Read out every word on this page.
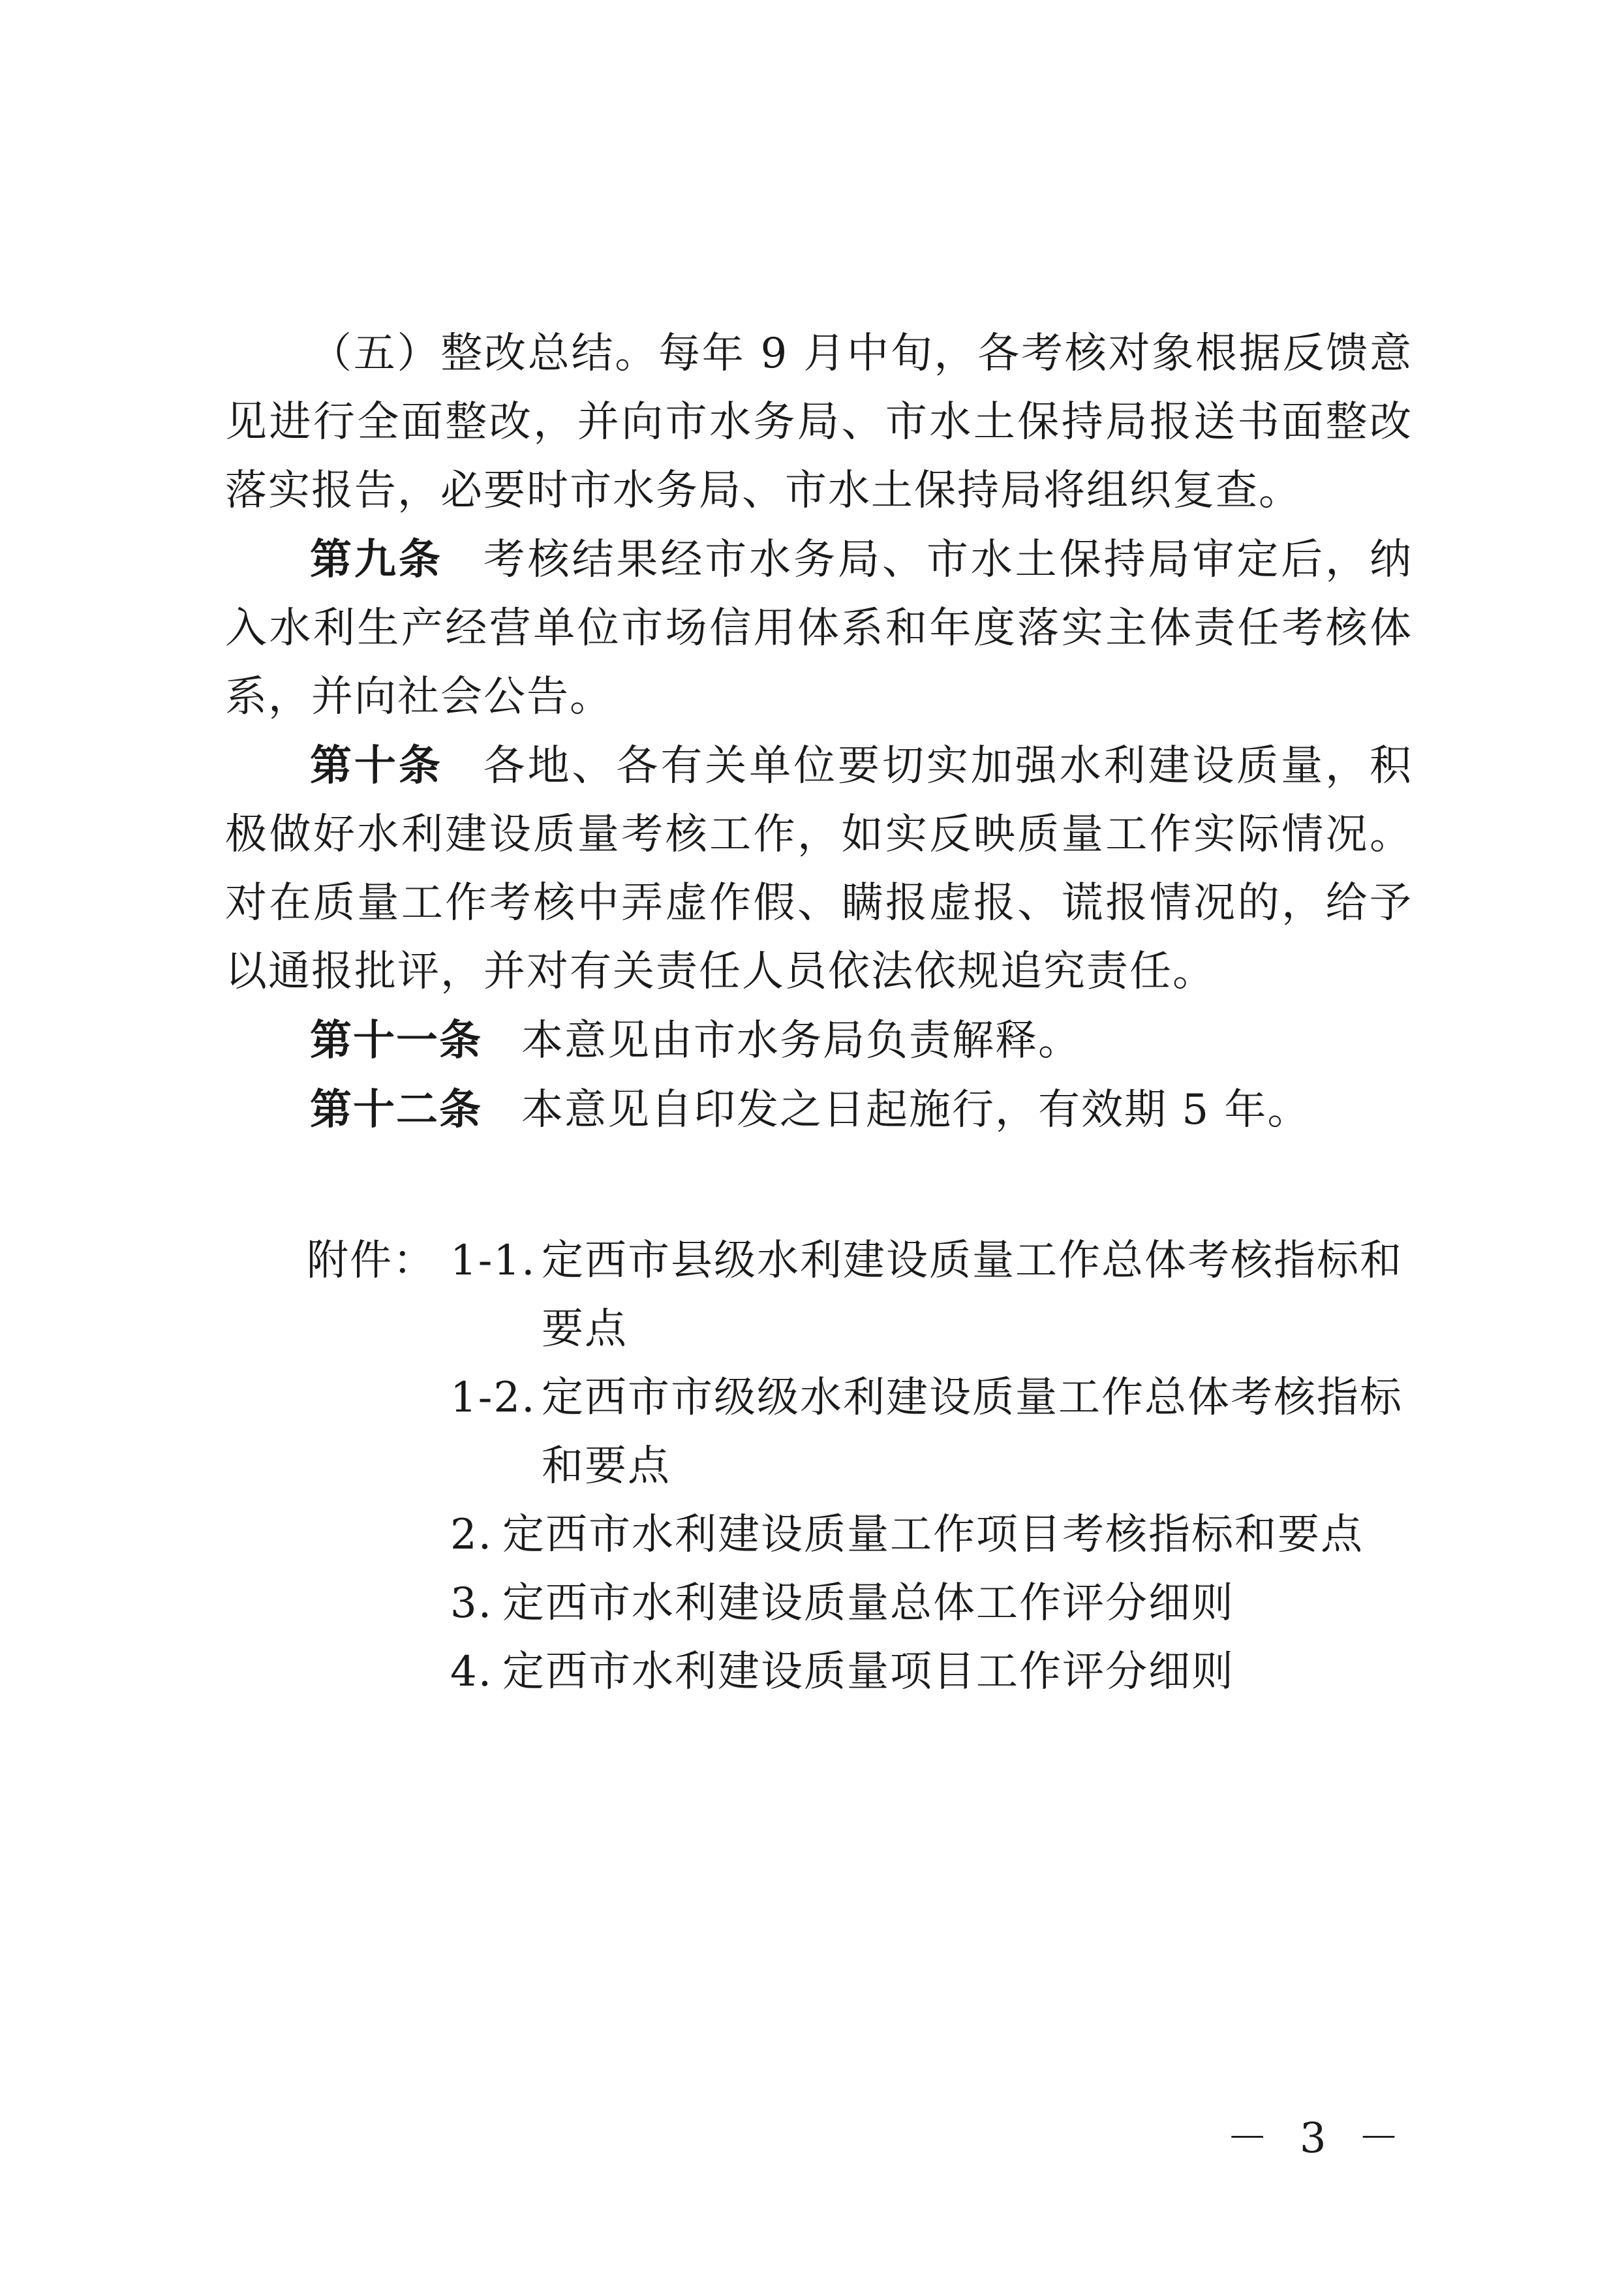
（五）整改总结。每年 9 月中旬，各考核对象根据反馈意见进行全面整改，并向市水务局、市水土保持局报送书面整改落实报告，必要时市水务局、市水土保持局将组织复查。

第九条 考核结果经市水务局、市水土保持局审定后，纳入水利生产经营单位市场信用体系和年度落实主体责任考核体系，并向社会公告。

第十条 各地、各有关单位要切实加强水利建设质量，积极做好水利建设质量考核工作，如实反映质量工作实际情况。对在质量工作考核中弄虚作假、瞒报虚报、谎报情况的，给予以通报批评，并对有关责任人员依法依规追究责任。

第十一条 本意见由市水务局负责解释。

第十二条 本意见自印发之日起施行，有效期 5 年。

附件： 1-1. 定西市县级水利建设质量工作总体考核指标和要点
1-2. 定西市市级级水利建设质量工作总体考核指标和要点
2. 定西市水利建设质量工作项目考核指标和要点
3. 定西市水利建设质量总体工作评分细则
4. 定西市水利建设质量项目工作评分细则
－ 3 －
